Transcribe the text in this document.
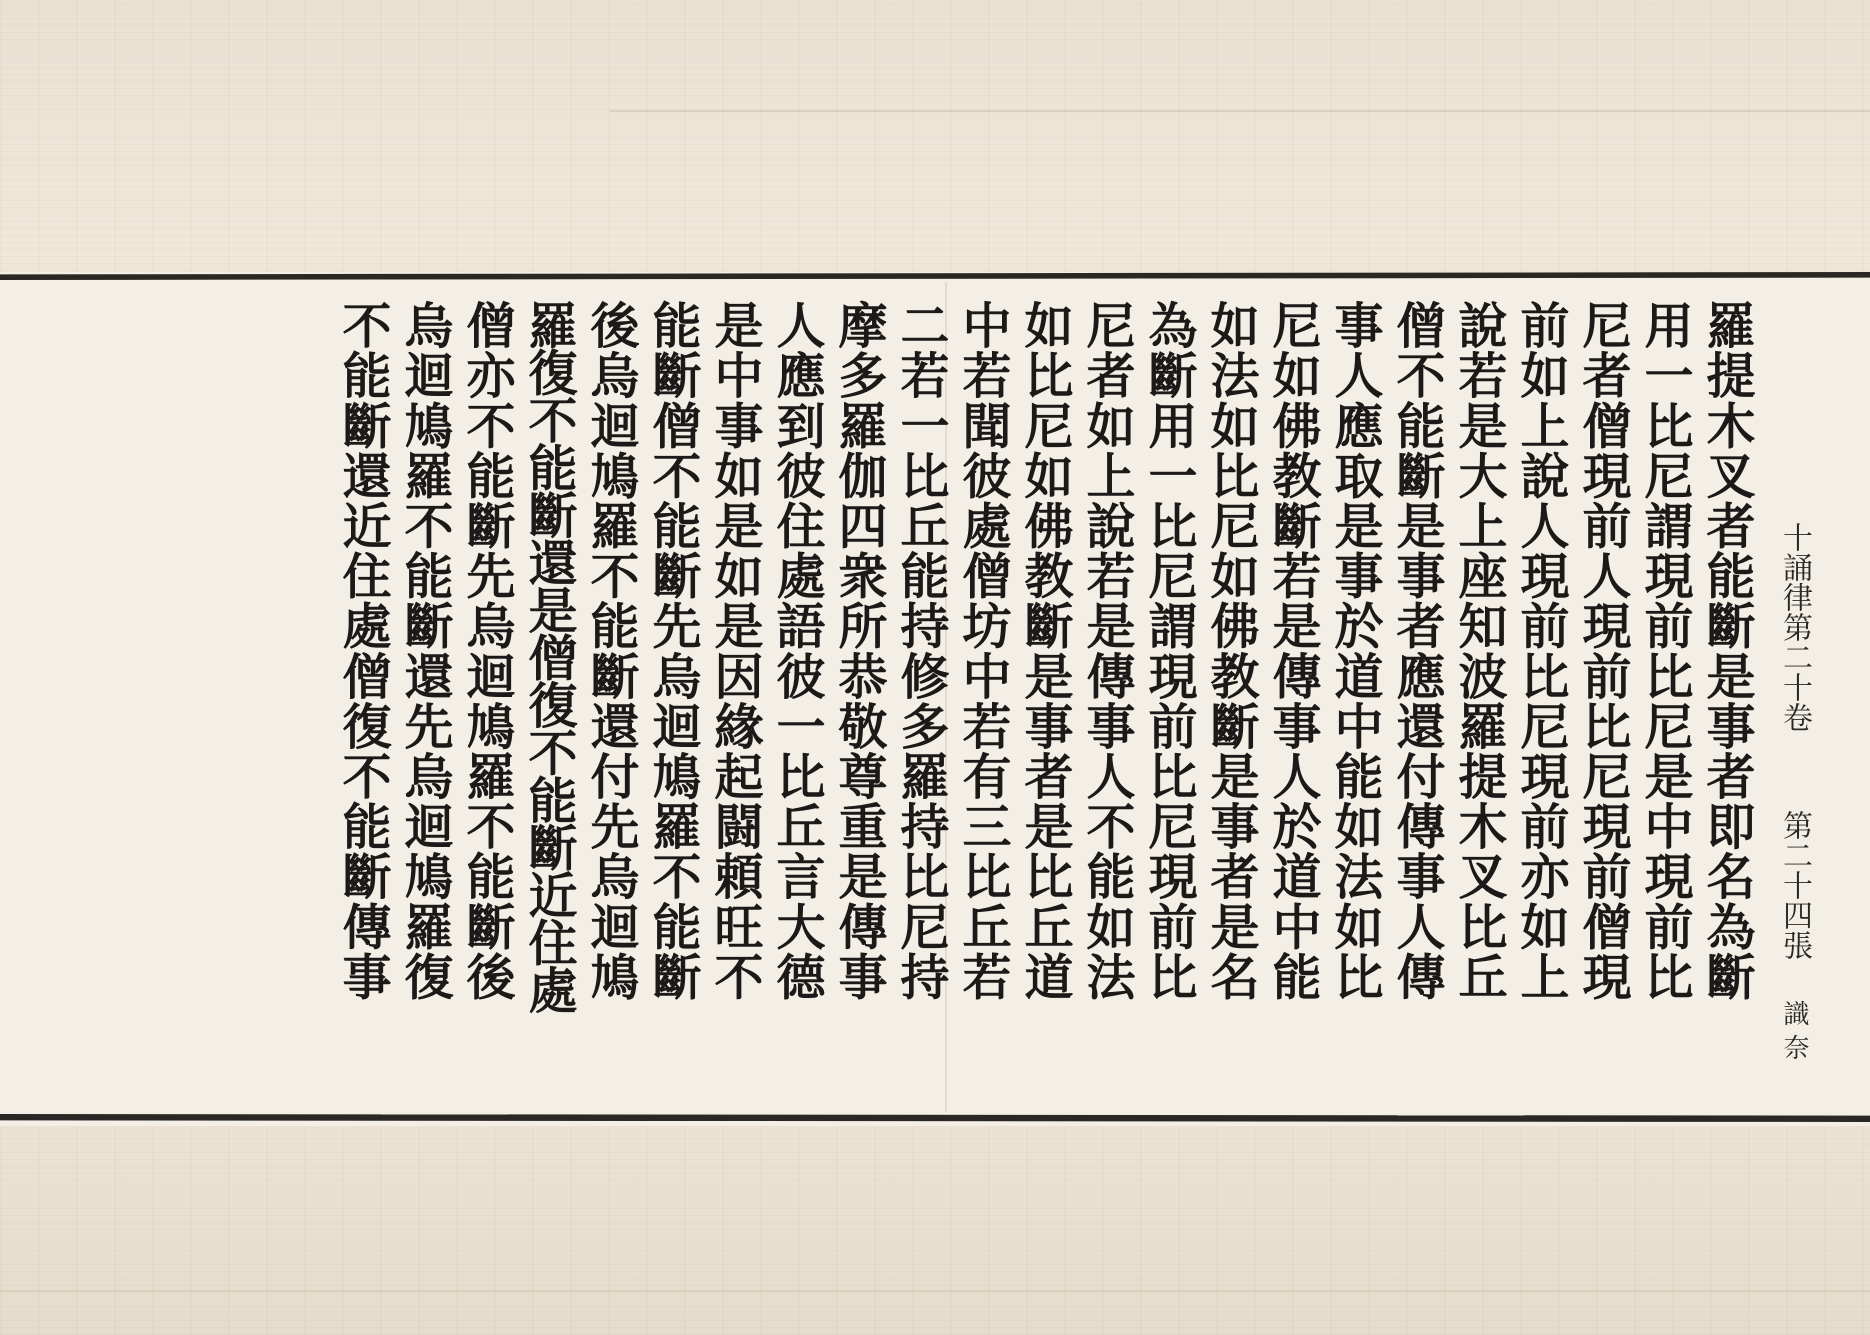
十誦律第二十卷
第二十四張
識 奈
羅提木叉者能斷是事者即名為斷
用一比尼謂現前比尼是中現前比
尼者僧現前人現前比尼現前僧現
前如上說人現前比尼現前亦如上
說若是大上座知波羅提木叉比丘
僧不能斷是事者應還付傳事人傳
事人應取是事於道中能如法如比
尼如佛教斷若是傳事人於道中能
如法如比尼如佛教斷是事者是名
為斷用一比尼謂現前比尼現前比
尼者如上說若是傳事人不能如法
如比尼如佛教斷是事者是比丘道
中若聞彼處僧坊中若有三比丘若
二若一比丘能持修多羅持比尼持
摩多羅伽四衆所恭敬尊重是傳事
人應到彼住處語彼一比丘言大德
是中事如是如是因緣起闘頼旺不
能斷僧不能斷先烏迴鳩羅不能斷
後烏迴鳩羅不能斷還付先烏迴鳩
羅復不能斷還是僧復不能斷近住處
僧亦不能斷先烏迴鳩羅不能斷後
烏迴鳩羅不能斷還先烏迴鳩羅復
不能斷還近住處僧復不能斷傳事
